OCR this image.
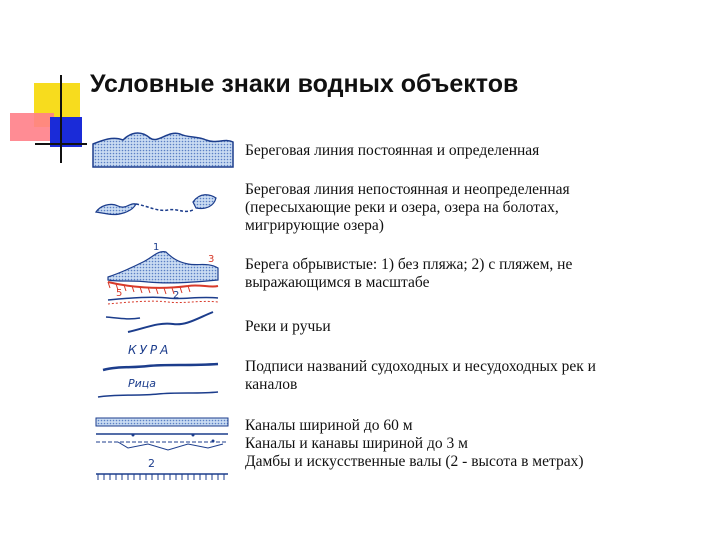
Условные знаки водных объектов
1
3
5	2
КУРА
Рица
2
Береговая линия постоянная и определенная
Береговая линия непостоянная и неопределенная
(пересыхающие реки и озера, озера на болотах,
мигрирующие озера)
Берега обрывистые: 1) без пляжа; 2) с пляжем, не
выражающимся в масштабе
Реки и ручьи
Подписи названий судоходных и несудоходных рек и
каналов
Каналы шириной до 60 м
Каналы и канавы шириной до 3 м
Дамбы и искусственные валы (2 - высота в метрах)
